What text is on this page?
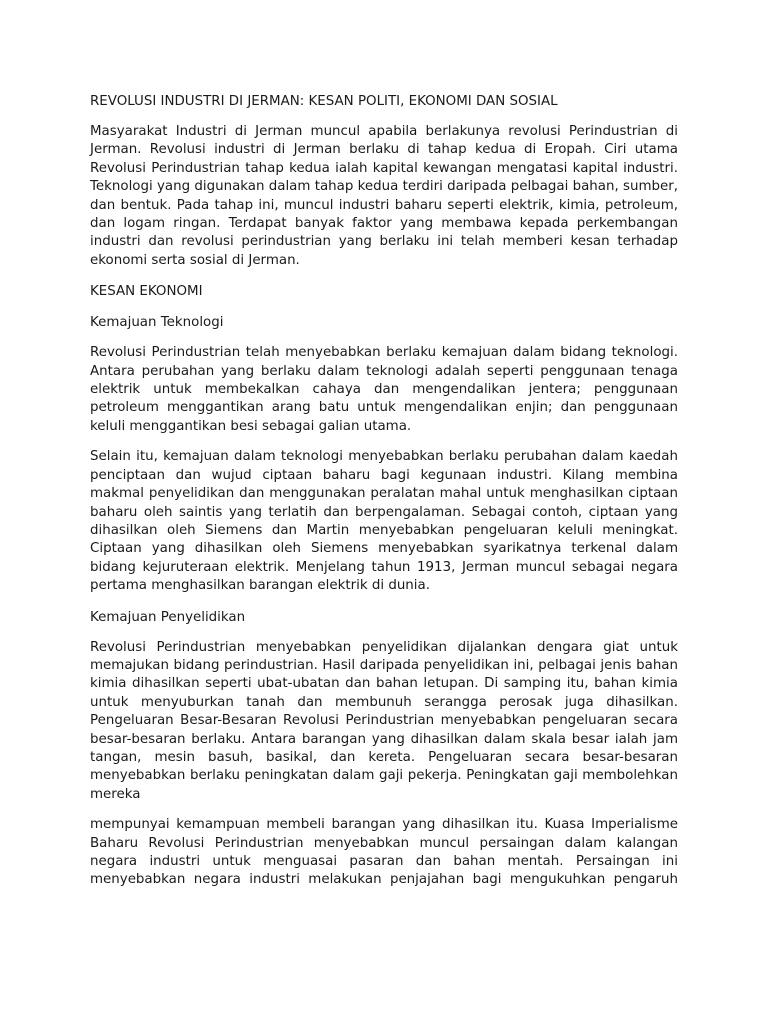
REVOLUSI INDUSTRI DI JERMAN: KESAN POLITI, EKONOMI DAN SOSIAL

Masyarakat Industri di Jerman muncul apabila berlakunya revolusi Perindustrian di Jerman. Revolusi industri di Jerman berlaku di tahap kedua di Eropah. Ciri utama Revolusi Perindustrian tahap kedua ialah kapital kewangan mengatasi kapital industri. Teknologi yang digunakan dalam tahap kedua terdiri daripada pelbagai bahan, sumber, dan bentuk. Pada tahap ini, muncul industri baharu seperti elektrik, kimia, petroleum, dan logam ringan. Terdapat banyak faktor yang membawa kepada perkembangan industri dan revolusi perindustrian yang berlaku ini telah memberi kesan terhadap ekonomi serta sosial di Jerman.

KESAN EKONOMI
Kemajuan Teknologi

Revolusi Perindustrian telah menyebabkan berlaku kemajuan dalam bidang teknologi. Antara perubahan yang berlaku dalam teknologi adalah seperti penggunaan tenaga elektrik untuk membekalkan cahaya dan mengendalikan jentera; penggunaan petroleum menggantikan arang batu untuk mengendalikan enjin; dan penggunaan keluli menggantikan besi sebagai galian utama.

Selain itu, kemajuan dalam teknologi menyebabkan berlaku perubahan dalam kaedah penciptaan dan wujud ciptaan baharu bagi kegunaan industri. Kilang membina makmal penyelidikan dan menggunakan peralatan mahal untuk menghasilkan ciptaan baharu oleh saintis yang terlatih dan berpengalaman. Sebagai contoh, ciptaan yang dihasilkan oleh Siemens dan Martin menyebabkan pengeluaran keluli meningkat. Ciptaan yang dihasilkan oleh Siemens menyebabkan syarikatnya terkenal dalam bidang kejuruteraan elektrik. Menjelang tahun 1913, Jerman muncul sebagai negara pertama menghasilkan barangan elektrik di dunia.

Kemajuan Penyelidikan

Revolusi Perindustrian menyebabkan penyelidikan dijalankan dengara giat untuk memajukan bidang perindustrian. Hasil daripada penyelidikan ini, pelbagai jenis bahan kimia dihasilkan seperti ubat-ubatan dan bahan letupan. Di samping itu, bahan kimia untuk menyuburkan tanah dan membunuh serangga perosak juga dihasilkan. Pengeluaran Besar-Besaran Revolusi Perindustrian menyebabkan pengeluaran secara besar-besaran berlaku. Antara barangan yang dihasilkan dalam skala besar ialah jam tangan, mesin basuh, basikal, dan kereta. Pengeluaran secara besar-besaran menyebabkan berlaku peningkatan dalam gaji pekerja. Peningkatan gaji membolehkan mereka

mempunyai kemampuan membeli barangan yang dihasilkan itu. Kuasa Imperialisme Baharu Revolusi Perindustrian menyebabkan muncul persaingan dalam kalangan negara industri untuk menguasai pasaran dan bahan mentah. Persaingan ini menyebabkan negara industri melakukan penjajahan bagi mengukuhkan pengaruh
